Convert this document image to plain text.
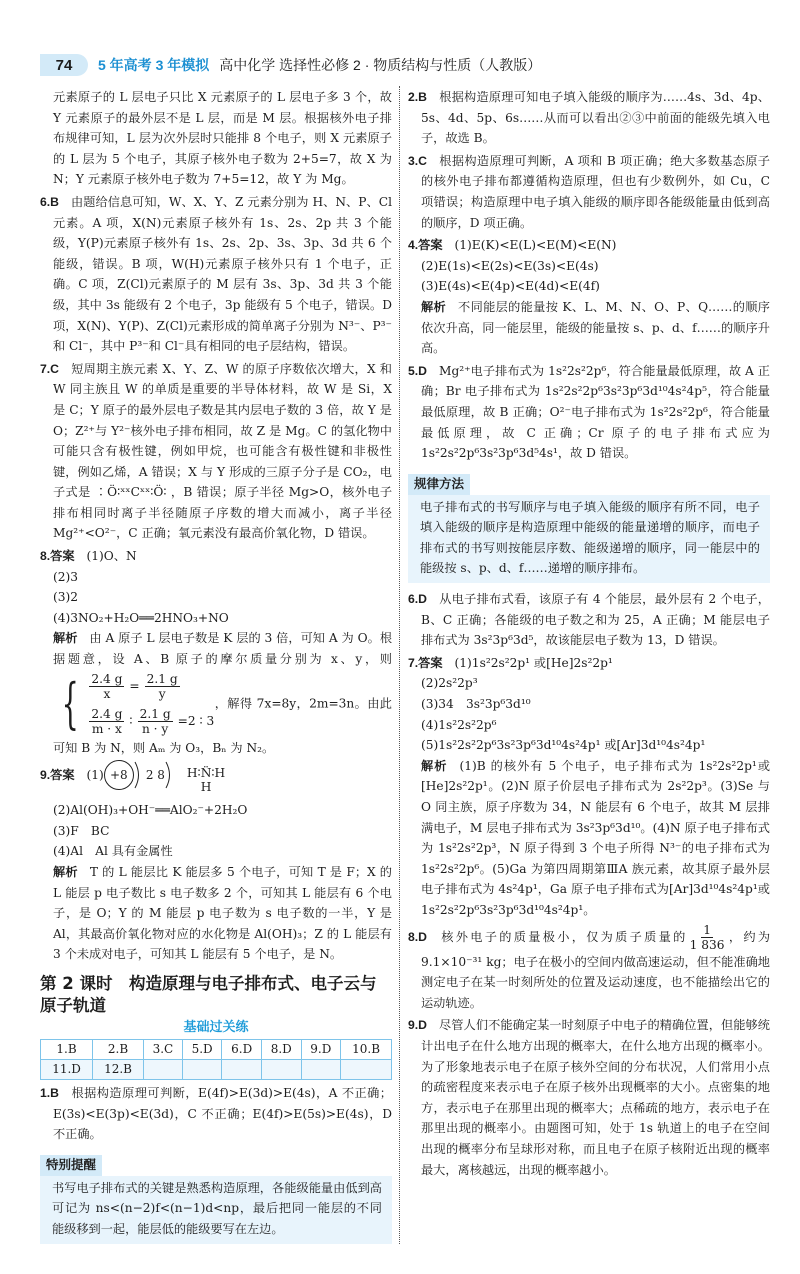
74	5 年高考 3 年模拟 高中化学 选择性必修 2 · 物质结构与性质（人教版）
元素原子的 L 层电子只比 X 元素原子的 L 层电子多 3 个，故 Y 元素原子的最外层不是 L 层，而是 M 层。根据核外电子排布规律可知，L 层为次外层时只能排 8 个电子，则 X 元素原子的 L 层为 5 个电子，其原子核外电子数为 2+5=7，故 X 为 N；Y 元素原子核外电子数为 7+5=12，故 Y 为 Mg。
6.B 由题给信息可知，W、X、Y、Z 元素分别为 H、N、P、Cl 元素。A 项，X(N)元素原子核外有 1s、2s、2p 共 3 个能级，Y(P)元素原子核外有 1s、2s、2p、3s、3p、3d 共 6 个能级，错误。B 项，W(H)元素原子核外只有 1 个电子，正确。C 项，Z(Cl)元素原子的 M 层有 3s、3p、3d 共 3 个能级，其中 3s 能级有 2 个电子，3p 能级有 5 个电子，错误。D 项，X(N)、Y(P)、Z(Cl)元素形成的简单离子分别为 N³⁻、P³⁻和 Cl⁻，其中 P³⁻和 Cl⁻具有相同的电子层结构，错误。
7.C 短周期主族元素 X、Y、Z、W 的原子序数依次增大，X 和 W 同主族且 W 的单质是重要的半导体材料，故 W 是 Si，X 是 C；Y 原子的最外层电子数是其内层电子数的 3 倍，故 Y 是 O；Z²⁺与 Y²⁻核外电子排布相同，故 Z 是 Mg。C 的氢化物中可能只含有极性键，例如甲烷，也可能含有极性键和非极性键，例如乙烯，A 错误；X 与 Y 形成的三原子分子是 CO₂，电子式是 ∶Ö∶ˣˣCˣˣ∶Ö∶ ，B 错误；原子半径 Mg>O，核外电子排布相同时离子半径随原子序数的增大而减小，离子半径 Mg²⁺<O²⁻，C 正确；氧元素没有最高价氧化物，D 错误。
8.答案 (1)O、N
(2)3
(3)2
(4)3NO₂+H₂O══2HNO₃+NO
解析 由 A 原子 L 层电子数是 K 层的 3 倍，可知 A 为 O。根据题意，设 A、B 原子的摩尔质量分别为 x、y，则
{ $\frac{2.4 g}{x} = \frac{2.1 g}{y}$
$\frac{2.4 g}{m \cdot x}$ ∶ $\frac{2.1 g}{n \cdot y} =2$ ∶ 3
，解得 7x=8y，2m=3n。由此可知 B 为 N，则 Aₘ 为 O₃，Bₙ 为 N₂。
9.答案 (1) +8	2 8 H∶N̈∶H
H
(2)Al(OH)₃+OH⁻══AlO₂⁻+2H₂O
(3)F　BC
(4)Al　Al 具有金属性
解析 T 的 L 能层比 K 能层多 5 个电子，可知 T 是 F；X 的 L 能层 p 电子数比 s 电子数多 2 个，可知其 L 能层有 6 个电子，是 O；Y 的 M 能层 p 电子数为 s 电子数的一半，Y 是 Al，其最高价氧化物对应的水化物是 Al(OH)₃；Z 的 L 能层有 3 个未成对电子，可知其 L 能层有 5 个电子，是 N。
第 2 课时　构造原理与电子排布式、电子云与原子轨道
基础过关练
1.B	2.B	3.C	5.D	6.D	8.D	9.D	10.B
11.D	12.B						
1.B 根据构造原理可判断，E(4f)>E(3d)>E(4s)，A 不正确；E(3s)<E(3p)<E(3d)，C 不正确；E(4f)>E(5s)>E(4s)，D 不正确。
特别提醒
书写电子排布式的关键是熟悉构造原理，各能级能量由低到高可记为 ns<(n−2)f<(n−1)d<np，最后把同一能层的不同能级移到一起，能层低的能级要写在左边。
2.B 根据构造原理可知电子填入能级的顺序为……4s、3d、4p、5s、4d、5p、6s……从而可以看出②③中前面的能级先填入电子，故选 B。
3.C 根据构造原理可判断，A 项和 B 项正确；绝大多数基态原子的核外电子排布都遵循构造原理，但也有少数例外，如 Cu，C 项错误；构造原理中电子填入能级的顺序即各能级能量由低到高的顺序，D 项正确。
4.答案 (1)E(K)<E(L)<E(M)<E(N)
(2)E(1s)<E(2s)<E(3s)<E(4s)
(3)E(4s)<E(4p)<E(4d)<E(4f)
解析 不同能层的能量按 K、L、M、N、O、P、Q……的顺序依次升高，同一能层里，能级的能量按 s、p、d、f……的顺序升高。
5.D Mg²⁺电子排布式为 1s²2s²2p⁶，符合能量最低原理，故 A 正确；Br 电子排布式为 1s²2s²2p⁶3s²3p⁶3d¹⁰4s²4p⁵，符合能量最低原理，故 B 正确；O²⁻电子排布式为 1s²2s²2p⁶，符合能量最低原理，故 C 正确；Cr 原子的电子排布式应为 1s²2s²2p⁶3s²3p⁶3d⁵4s¹，故 D 错误。
规律方法
电子排布式的书写顺序与电子填入能级的顺序有所不同，电子填入能级的顺序是构造原理中能级的能量递增的顺序，而电子排布式的书写则按能层序数、能级递增的顺序，同一能层中的能级按 s、p、d、f……递增的顺序排布。
6.D 从电子排布式看，该原子有 4 个能层，最外层有 2 个电子，B、C 正确；各能级的电子数之和为 25，A 正确；M 能层电子排布式为 3s²3p⁶3d⁵，故该能层电子数为 13，D 错误。
7.答案 (1)1s²2s²2p¹ 或[He]2s²2p¹
(2)2s²2p³
(3)34　3s²3p⁶3d¹⁰
(4)1s²2s²2p⁶
(5)1s²2s²2p⁶3s²3p⁶3d¹⁰4s²4p¹ 或[Ar]3d¹⁰4s²4p¹
解析 (1)B 的核外有 5 个电子，电子排布式为 1s²2s²2p¹或[He]2s²2p¹。(2)N 原子价层电子排布式为 2s²2p³。(3)Se 与 O 同主族，原子序数为 34，N 能层有 6 个电子，故其 M 层排满电子，M 层电子排布式为 3s²3p⁶3d¹⁰。(4)N 原子电子排布式为 1s²2s²2p³，N 原子得到 3 个电子所得 N³⁻的电子排布式为 1s²2s²2p⁶。(5)Ga 为第四周期第ⅢA 族元素，故其原子最外层电子排布式为 4s²4p¹，Ga 原子电子排布式为[Ar]3d¹⁰4s²4p¹或 1s²2s²2p⁶3s²3p⁶3d¹⁰4s²4p¹。
8.D 核外电子的质量极小，仅为质子质量的 $\frac{1}{1 836}$ ，约为 9.1×10⁻³¹ kg；电子在极小的空间内做高速运动，但不能准确地测定电子在某一时刻所处的位置及运动速度，也不能描绘出它的运动轨迹。
9.D 尽管人们不能确定某一时刻原子中电子的精确位置，但能够统计出电子在什么地方出现的概率大，在什么地方出现的概率小。为了形象地表示电子在原子核外空间的分布状况，人们常用小点的疏密程度来表示电子在原子核外出现概率的大小。点密集的地方，表示电子在那里出现的概率大；点稀疏的地方，表示电子在那里出现的概率小。由题图可知，处于 1s 轨道上的电子在空间出现的概率分布呈球形对称，而且电子在原子核附近出现的概率最大，离核越远，出现的概率越小。
